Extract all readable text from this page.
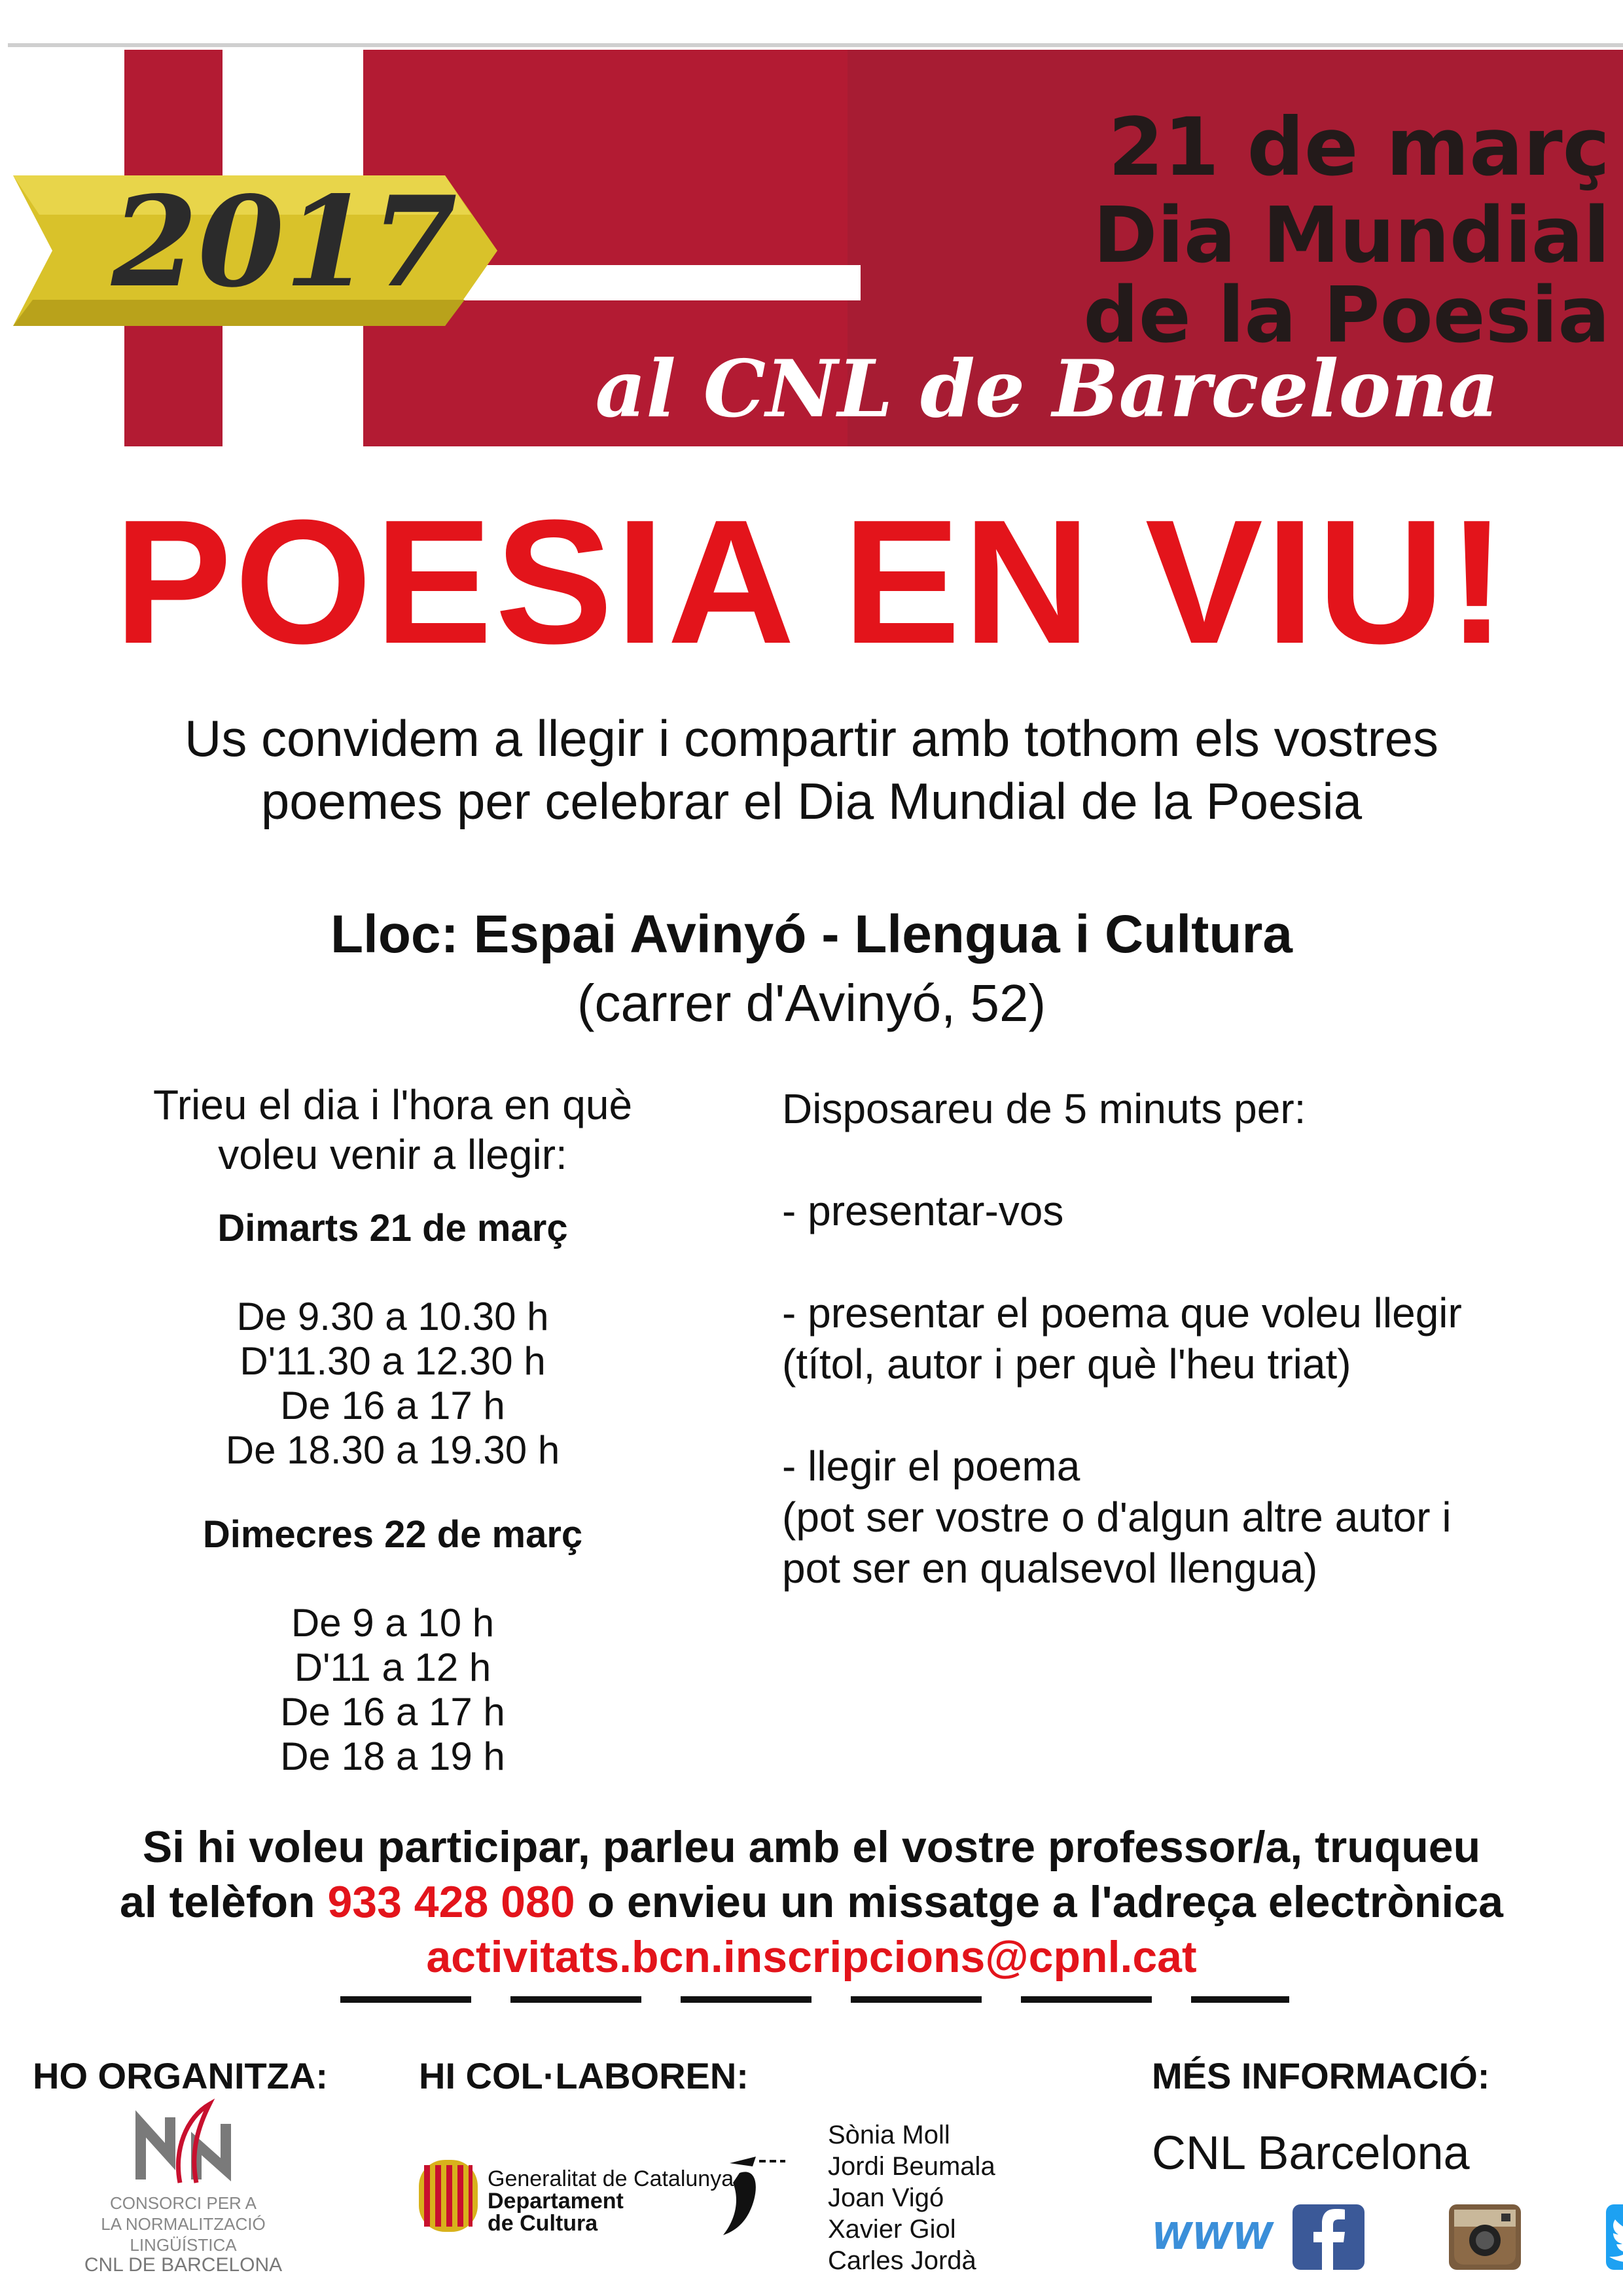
2017
21 de març
Dia Mundial
de la Poesia
al CNL de Barcelona
POESIA EN VIU!
Us convidem a llegir i compartir amb tothom els vostres
poemes per celebrar el Dia Mundial de la Poesia
Lloc: Espai Avinyó - Llengua i Cultura
(carrer d'Avinyó, 52)
Trieu el dia i l'hora en què
voleu venir a llegir:
Dimarts 21 de març
De 9.30 a 10.30 h
D'11.30 a 12.30 h
De 16 a 17 h
De 18.30 a 19.30 h
Dimecres 22 de març
De 9 a 10 h
D'11 a 12 h
De 16 a 17 h
De 18 a 19 h
Disposareu de 5 minuts per:
- presentar-vos
- presentar el poema que voleu llegir
(títol, autor i per què l'heu triat)
- llegir el poema
(pot ser vostre o d'algun altre autor i
pot ser en qualsevol llengua)
Si hi voleu participar, parleu amb el vostre professor/a, truqueu
al telèfon 933 428 080 o envieu un missatge a l'adreça electrònica
activitats.bcn.inscripcions@cpnl.cat
HO ORGANITZA:
CONSORCI PER A
LA NORMALITZACIÓ
LINGÜÍSTICA
CNL DE BARCELONA
HI COL·LABOREN:
Generalitat de Catalunya
Departament
de Cultura
Sònia Moll
Jordi Beumala
Joan Vigó
Xavier Giol
Carles Jordà
MÉS INFORMACIÓ:
CNL Barcelona
WWW
